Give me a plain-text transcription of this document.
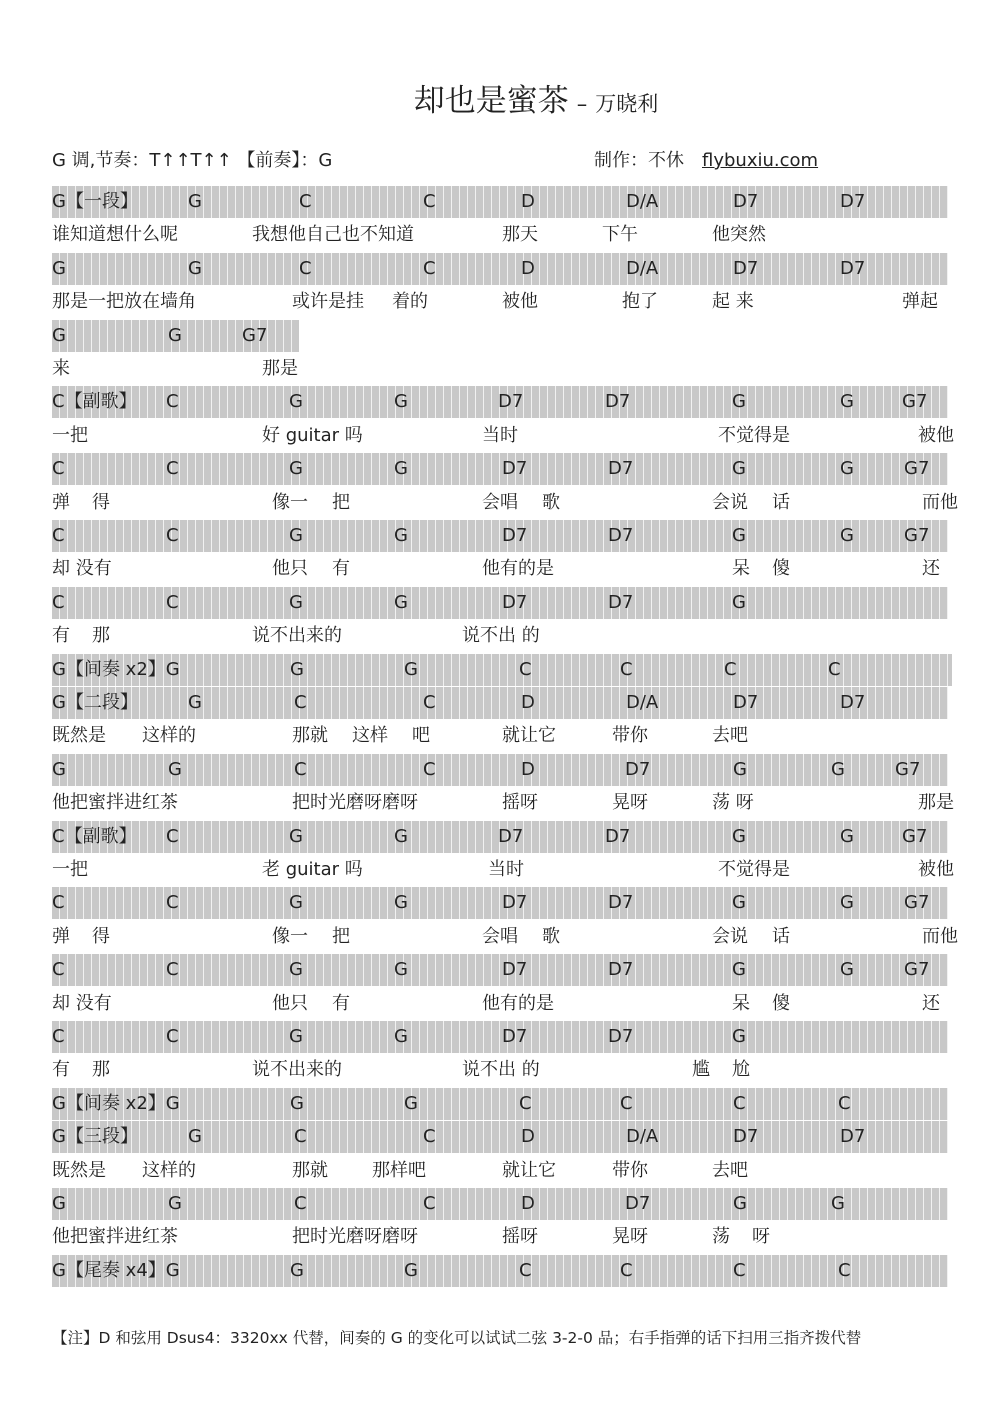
却也是蜜茶 – 万晓利
G 调,节奏：T↑↑T↑↑ 【前奏】：G	制作：不休 flybuxiu.com
G【一段】	G	C	C	D	D/A	D7	D7
谁知道想什么呢	我想他自己也不知道	那天	下午	他突然
G	G	C	C	D	D/A	D7	D7
那是一把放在墙角	或许是挂 着的	被他	抱了	起 来	弹起
G	G	G7
来	那是
C【副歌】 C	G	G	D7	D7	G	G	G7
一把	好 guitar 吗	当时	不觉得是	被他
C	C	G	G	D7	D7	G	G	G7
弹 得	像一 把	会唱 歌	会说 话	而他
C	C	G	G	D7	D7	G	G	G7
却 没有	他只 有	他有的是	呆 傻	还
C	C	G	G	D7	D7	G
有 那	说不出来的	说不出 的
G【间奏 x2】G	G	G	C	C	C	C
G【二段】	G	C	C	D	D/A	D7	D7
既然是 这样的	那就 这样 吧	就让它	带你	去吧
G	G	C	C	D	D7	G	G	G7
他把蜜拌进红茶	把时光磨呀磨呀	摇呀	晃呀	荡 呀	那是
C【副歌】 C	G	G	D7	D7	G	G	G7
一把	老 guitar 吗	当时	不觉得是	被他
C	C	G	G	D7	D7	G	G	G7
弹 得	像一 把	会唱 歌	会说 话	而他
C	C	G	G	D7	D7	G	G	G7
却 没有	他只 有	他有的是	呆 傻	还
C	C	G	G	D7	D7	G
有 那	说不出来的	说不出 的	尴 尬
G【间奏 x2】G	G	G	C	C	C	C
G【三段】	G	C	C	D	D/A	D7	D7
既然是 这样的	那就 那样吧	就让它	带你	去吧
G	G	C	C	D	D7	G	G
他把蜜拌进红茶	把时光磨呀磨呀	摇呀	晃呀	荡 呀
G【尾奏 x4】G	G	G	C	C	C	C
【注】D 和弦用 Dsus4：3320xx 代替，间奏的 G 的变化可以试试二弦 3-2-0 品；右手指弹的话下扫用三指齐拨代替
